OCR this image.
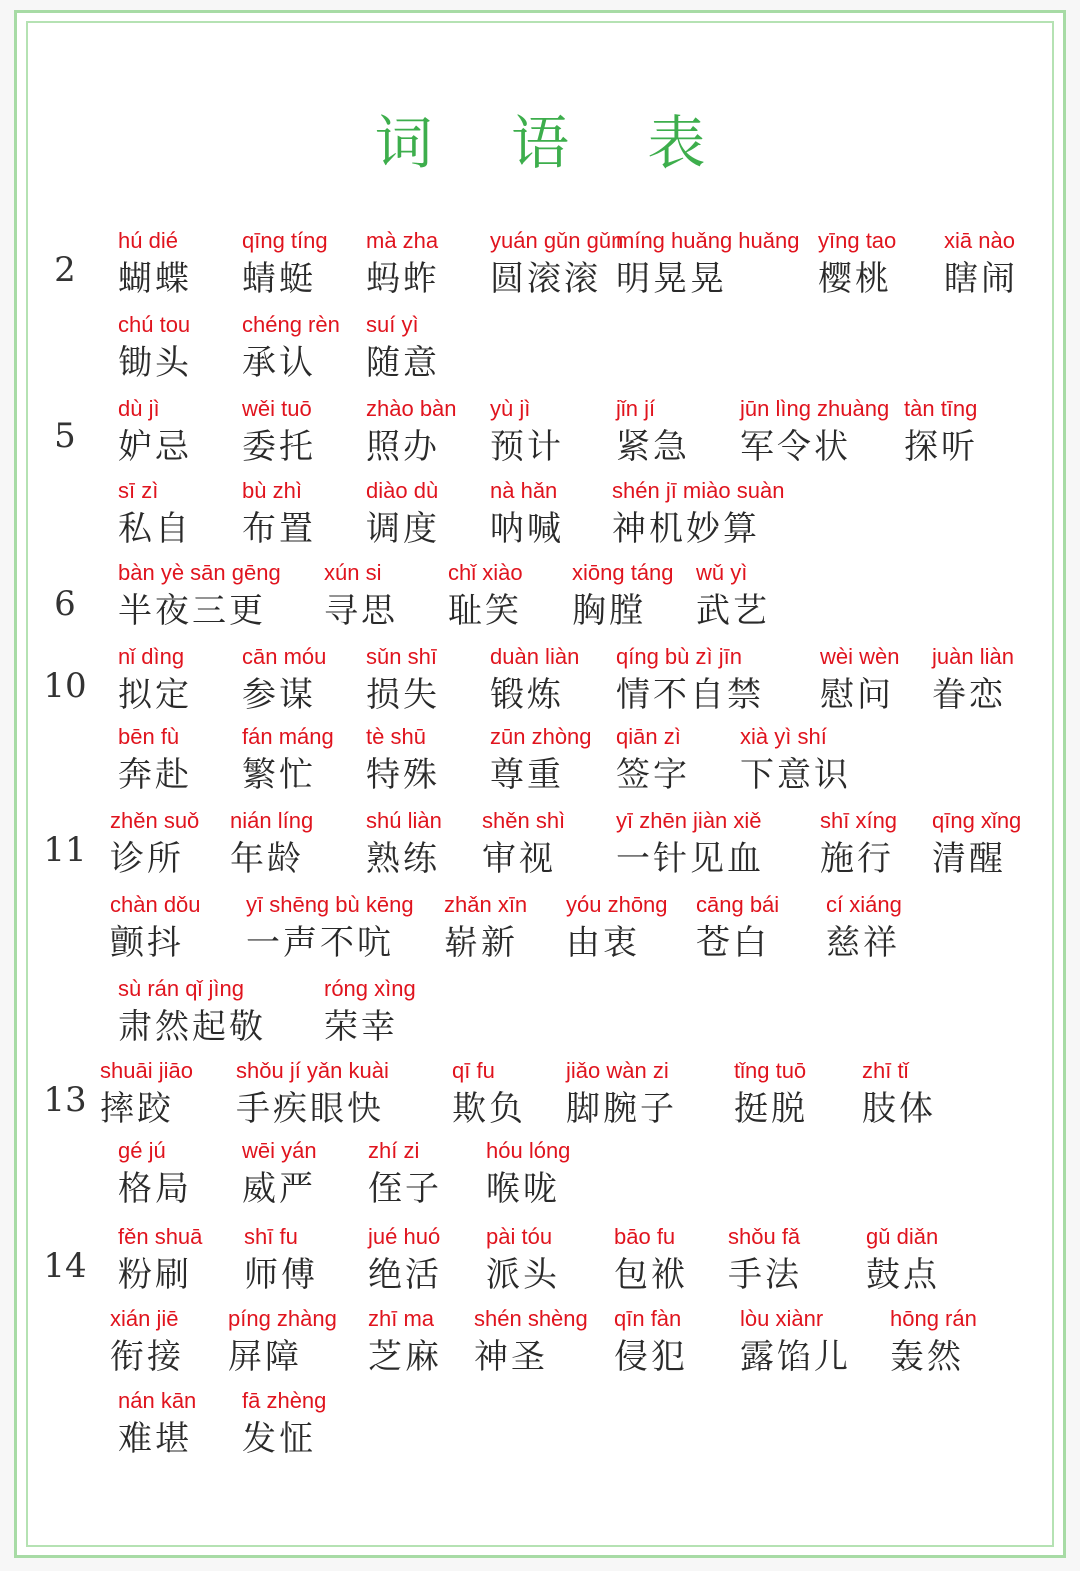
词 语 表
2
hú dié
蝴蝶
qīng tíng
蜻蜓
mà zha
蚂蚱
yuán gǔn gǔn
圆滚滚
míng huǎng huǎng
明晃晃
yīng tao
樱桃
xiā nào
瞎闹
chú tou
锄头
chéng rèn
承认
suí yì
随意
5
dù jì
妒忌
wěi tuō
委托
zhào bàn
照办
yù jì
预计
jǐn jí
紧急
jūn lìng zhuàng
军令状
tàn tīng
探听
sī zì
私自
bù zhì
布置
diào dù
调度
nà hǎn
呐喊
shén jī miào suàn
神机妙算
6
bàn yè sān gēng
半夜三更
xún si
寻思
chǐ xiào
耻笑
xiōng táng
胸膛
wǔ yì
武艺
10
nǐ dìng
拟定
cān móu
参谋
sǔn shī
损失
duàn liàn
锻炼
qíng bù zì jīn
情不自禁
wèi wèn
慰问
juàn liàn
眷恋
bēn fù
奔赴
fán máng
繁忙
tè shū
特殊
zūn zhòng
尊重
qiān zì
签字
xià yì shí
下意识
11
zhěn suǒ
诊所
nián líng
年龄
shú liàn
熟练
shěn shì
审视
yī zhēn jiàn xiě
一针见血
shī xíng
施行
qīng xǐng
清醒
chàn dǒu
颤抖
yī shēng bù kēng
一声不吭
zhǎn xīn
崭新
yóu zhōng
由衷
cāng bái
苍白
cí xiáng
慈祥
sù rán qǐ jìng
肃然起敬
róng xìng
荣幸
13
shuāi jiāo
摔跤
shǒu jí yǎn kuài
手疾眼快
qī fu
欺负
jiǎo wàn zi
脚腕子
tǐng tuō
挺脱
zhī tǐ
肢体
gé jú
格局
wēi yán
威严
zhí zi
侄子
hóu lóng
喉咙
14
fěn shuā
粉刷
shī fu
师傅
jué huó
绝活
pài tóu
派头
bāo fu
包袱
shǒu fǎ
手法
gǔ diǎn
鼓点
xián jiē
衔接
píng zhàng
屏障
zhī ma
芝麻
shén shèng
神圣
qīn fàn
侵犯
lòu xiànr
露馅儿
hōng rán
轰然
nán kān
难堪
fā zhèng
发怔
